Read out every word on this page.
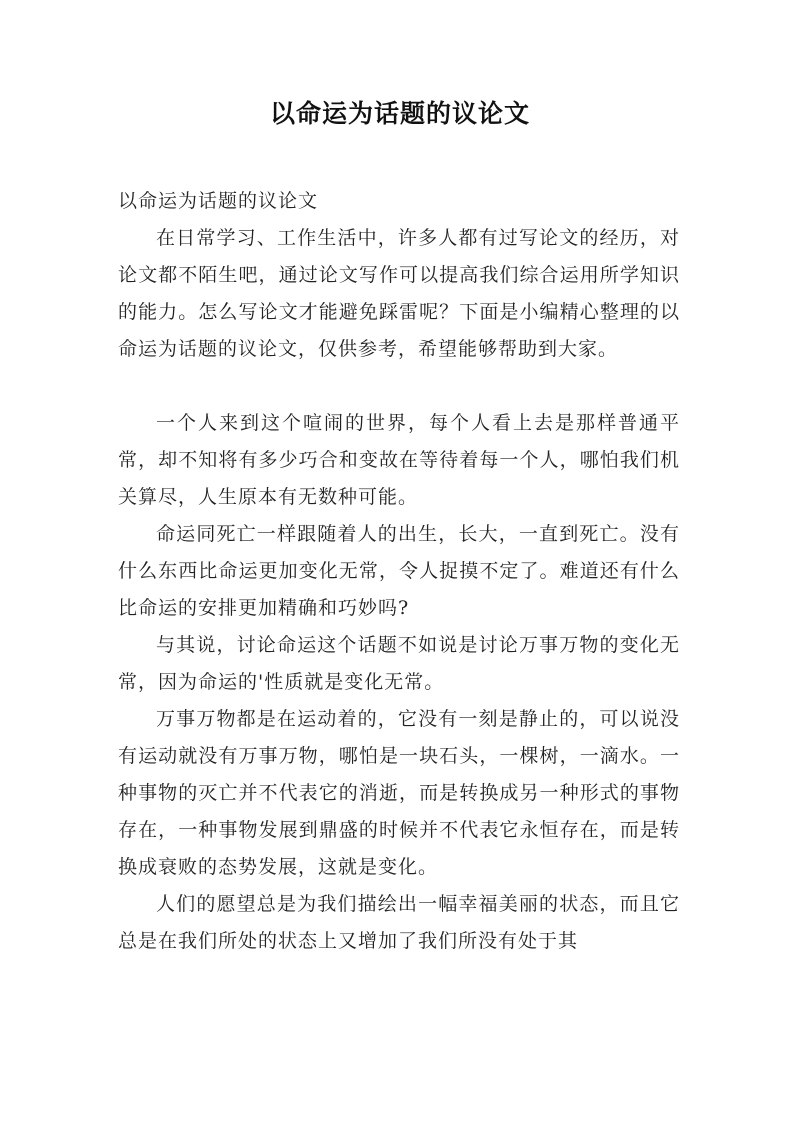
以命运为话题的议论文

以命运为话题的议论文

在日常学习、工作生活中，许多人都有过写论文的经历，对论文都不陌生吧，通过论文写作可以提高我们综合运用所学知识的能力。怎么写论文才能避免踩雷呢？下面是小编精心整理的以命运为话题的议论文，仅供参考，希望能够帮助到大家。

一个人来到这个喧闹的世界，每个人看上去是那样普通平常，却不知将有多少巧合和变故在等待着每一个人，哪怕我们机关算尽，人生原本有无数种可能。

命运同死亡一样跟随着人的出生，长大，一直到死亡。没有什么东西比命运更加变化无常，令人捉摸不定了。难道还有什么比命运的安排更加精确和巧妙吗?

与其说，讨论命运这个话题不如说是讨论万事万物的变化无常，因为命运的'性质就是变化无常。

万事万物都是在运动着的，它没有一刻是静止的，可以说没有运动就没有万事万物，哪怕是一块石头，一棵树，一滴水。一种事物的灭亡并不代表它的消逝，而是转换成另一种形式的事物存在，一种事物发展到鼎盛的时候并不代表它永恒存在，而是转换成衰败的态势发展，这就是变化。

人们的愿望总是为我们描绘出一幅幸福美丽的状态，而且它总是在我们所处的状态上又增加了我们所没有处于其
